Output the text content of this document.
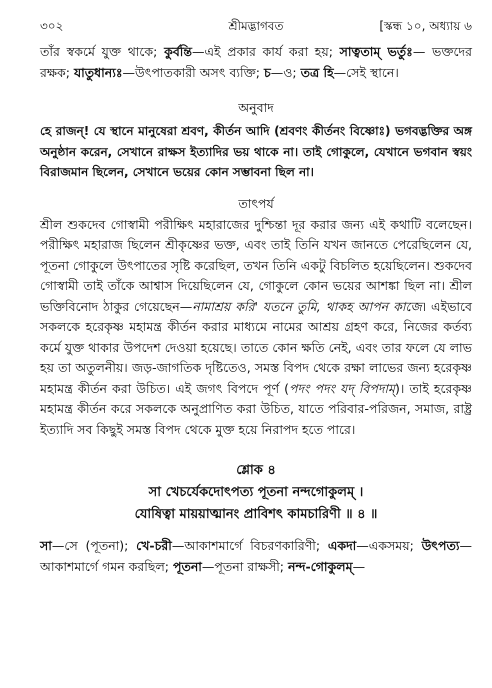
৩০২	শ্রীমদ্ভাগবত	[স্কন্ধ ১০, অধ্যায় ৬

তাঁর স্বকর্মে যুক্ত থাকে; কুর্বন্তি—এই প্রকার কার্য করা হয়; সাত্বতাম্ ভর্তুঃ— ভক্তদের রক্ষক; যাতুধান্যঃ—উৎপাতকারী অসৎ ব্যক্তি; চ—ও; তত্র হি—সেই স্থানে।

অনুবাদ

হে রাজন্! যে স্থানে মানুষেরা শ্রবণ, কীর্তন আদি (শ্রবণং কীর্তনং বিষ্ণোঃ) ভগবদ্ভক্তির অঙ্গ অনুষ্ঠান করেন, সেখানে রাক্ষস ইত্যাদির ভয় থাকে না। তাই গোকুলে, যেখানে ভগবান স্বয়ং বিরাজমান ছিলেন, সেখানে ভয়ের কোন সম্ভাবনা ছিল না।

তাৎপর্য

শ্রীল শুকদেব গোস্বামী পরীক্ষিৎ মহারাজের দুশ্চিন্তা দূর করার জন্য এই কথাটি বলেছেন। পরীক্ষিৎ মহারাজ ছিলেন শ্রীকৃষ্ণের ভক্ত, এবং তাই তিনি যখন জানতে পেরেছিলেন যে, পূতনা গোকুলে উৎপাতের সৃষ্টি করেছিল, তখন তিনি একটু বিচলিত হয়েছিলেন। শুকদেব গোস্বামী তাই তাঁকে আশ্বাস দিয়েছিলেন যে, গোকুলে কোন ভয়ের আশঙ্কা ছিল না। শ্রীল ভক্তিবিনোদ ঠাকুর গেয়েছেন—নামাশ্রয় করি' যতনে তুমি, থাকহ আপন কাজে। এইভাবে সকলকে হরেকৃষ্ণ মহামন্ত্র কীর্তন করার মাধ্যমে নামের আশ্রয় গ্রহণ করে, নিজের কর্তব্য কর্মে যুক্ত থাকার উপদেশ দেওয়া হয়েছে। তাতে কোন ক্ষতি নেই, এবং তার ফলে যে লাভ হয় তা অতুলনীয়। জড়-জাগতিক দৃষ্টিতেও, সমস্ত বিপদ থেকে রক্ষা লাভের জন্য হরেকৃষ্ণ মহামন্ত্র কীর্তন করা উচিত। এই জগৎ বিপদে পূর্ণ (পদং পদং যদ্ বিপদাম্)। তাই হরেকৃষ্ণ মহামন্ত্র কীর্তন করে সকলকে অনুপ্রাণিত করা উচিত, যাতে পরিবার-পরিজন, সমাজ, রাষ্ট্র ইত্যাদি সব কিছুই সমস্ত বিপদ থেকে মুক্ত হয়ে নিরাপদ হতে পারে।

শ্লোক ৪

সা খেচর্যেকদোৎপত্য পূতনা নন্দগোকুলম্ ।

যোষিত্বা মায়য়াত্মানং প্রাবিশৎ কামচারিণী ॥ ৪ ॥

সা—সে (পূতনা); খে-চরী—আকাশমার্গে বিচরণকারিণী; একদা—একসময়; উৎপত্য—আকাশমার্গে গমন করছিল; পূতনা—পূতনা রাক্ষসী; নন্দ-গোকুলম্—
